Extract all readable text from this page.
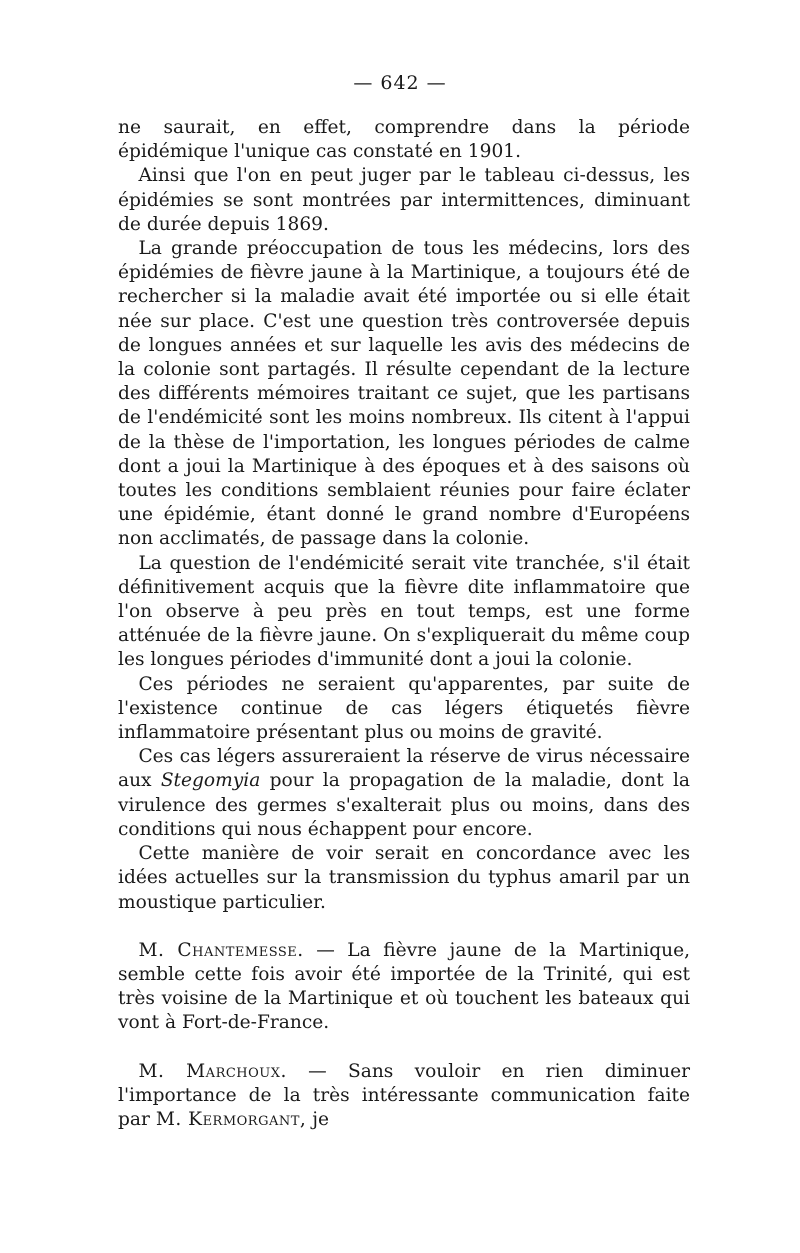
— 642 —

ne saurait, en effet, comprendre dans la période épidémique l'unique cas constaté en 1901.

Ainsi que l'on en peut juger par le tableau ci-dessus, les épidémies se sont montrées par intermittences, diminuant de durée depuis 1869.

La grande préoccupation de tous les médecins, lors des épidémies de fièvre jaune à la Martinique, a toujours été de rechercher si la maladie avait été importée ou si elle était née sur place. C'est une question très controversée depuis de longues années et sur laquelle les avis des médecins de la colonie sont partagés. Il résulte cependant de la lecture des différents mémoires traitant ce sujet, que les partisans de l'endémicité sont les moins nombreux. Ils citent à l'appui de la thèse de l'importation, les longues périodes de calme dont a joui la Martinique à des époques et à des saisons où toutes les conditions semblaient réunies pour faire éclater une épidémie, étant donné le grand nombre d'Européens non acclimatés, de passage dans la colonie.

La question de l'endémicité serait vite tranchée, s'il était définitivement acquis que la fièvre dite inflammatoire que l'on observe à peu près en tout temps, est une forme atténuée de la fièvre jaune. On s'expliquerait du même coup les longues périodes d'immunité dont a joui la colonie.

Ces périodes ne seraient qu'apparentes, par suite de l'existence continue de cas légers étiquetés fièvre inflammatoire présentant plus ou moins de gravité.

Ces cas légers assureraient la réserve de virus nécessaire aux Stegomyia pour la propagation de la maladie, dont la virulence des germes s'exalterait plus ou moins, dans des conditions qui nous échappent pour encore.

Cette manière de voir serait en concordance avec les idées actuelles sur la transmission du typhus amaril par un moustique particulier.

M. Chantemesse. — La fièvre jaune de la Martinique, semble cette fois avoir été importée de la Trinité, qui est très voisine de la Martinique et où touchent les bateaux qui vont à Fort-de-France.

M. Marchoux. — Sans vouloir en rien diminuer l'importance de la très intéressante communication faite par M. Kermorgant, je
